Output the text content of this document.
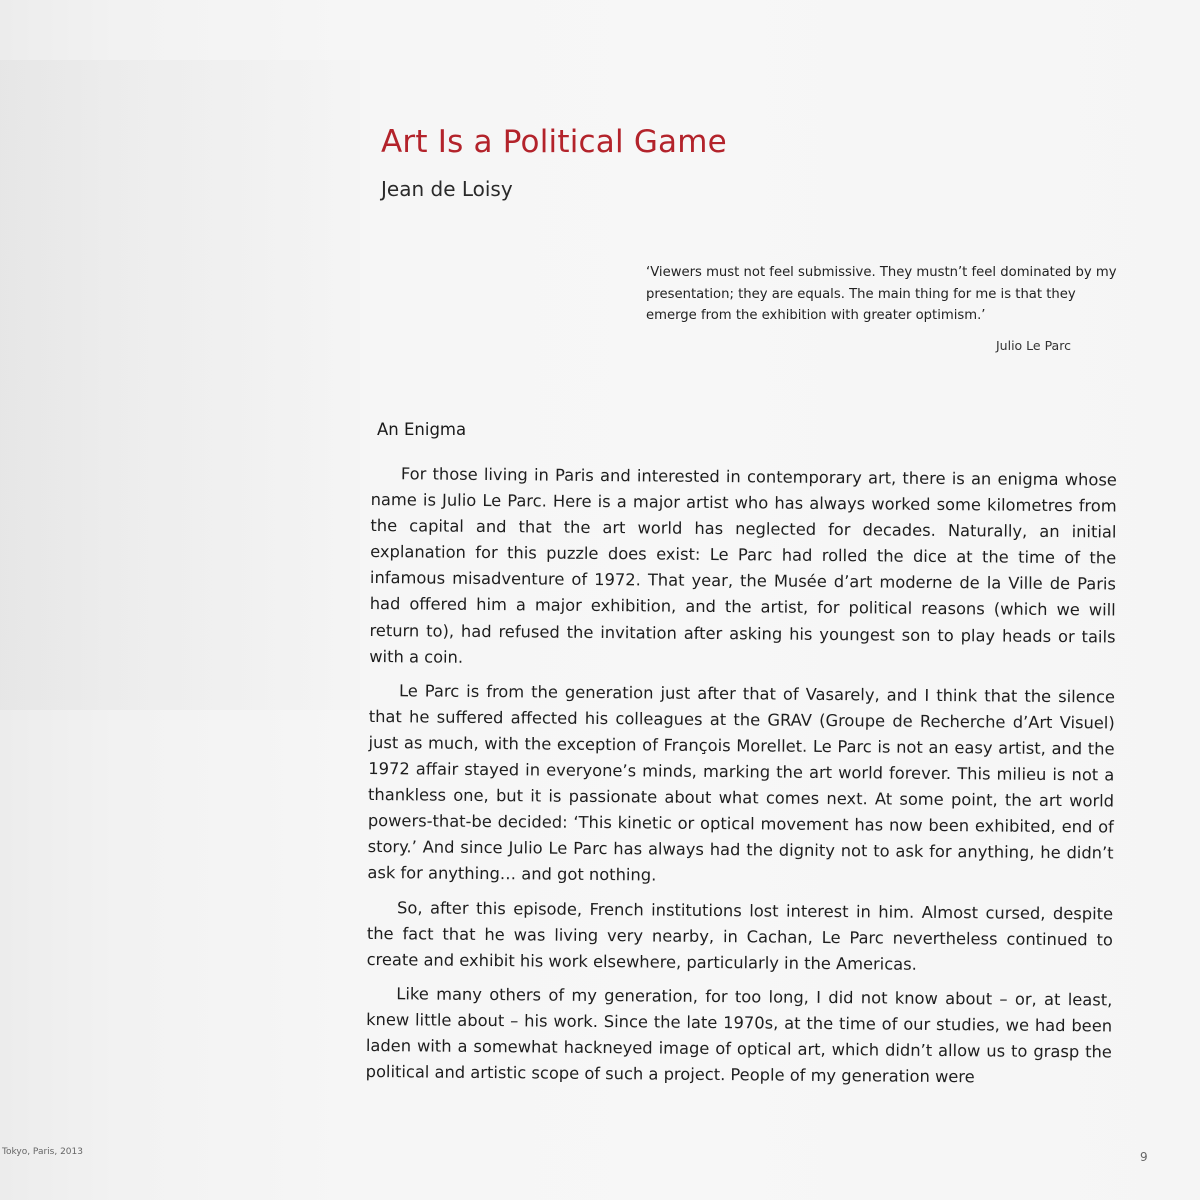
Art Is a Political Game
Jean de Loisy
‘Viewers must not feel submissive. They mustn’t feel dominated by my presentation; they are equals. The main thing for me is that they emerge from the exhibition with greater optimism.’

Julio Le Parc

An Enigma

For those living in Paris and interested in contemporary art, there is an enigma whose name is Julio Le Parc. Here is a major artist who has always worked some kilometres from the capital and that the art world has neglected for decades. Naturally, an initial explanation for this puzzle does exist: Le Parc had rolled the dice at the time of the infamous misadventure of 1972. That year, the Musée d’art moderne de la Ville de Paris had offered him a major exhibition, and the artist, for political reasons (which we will return to), had refused the invitation after asking his youngest son to play heads or tails with a coin.

Le Parc is from the generation just after that of Vasarely, and I think that the silence that he suffered affected his colleagues at the GRAV (Groupe de Recherche d’Art Visuel) just as much, with the exception of François Morellet. Le Parc is not an easy artist, and the 1972 affair stayed in everyone’s minds, marking the art world forever. This milieu is not a thankless one, but it is passionate about what comes next. At some point, the art world powers-that-be decided: ‘This kinetic or optical movement has now been exhibited, end of story.’ And since Julio Le Parc has always had the dignity not to ask for anything, he didn’t ask for anything… and got nothing.

So, after this episode, French institutions lost interest in him. Almost cursed, despite the fact that he was living very nearby, in Cachan, Le Parc nevertheless continued to create and exhibit his work elsewhere, particularly in the Americas.

Like many others of my generation, for too long, I did not know about – or, at least, knew little about – his work. Since the late 1970s, at the time of our studies, we had been laden with a somewhat hackneyed image of optical art, which didn’t allow us to grasp the political and artistic scope of such a project. People of my generation were

Tokyo, Paris, 2013	9
